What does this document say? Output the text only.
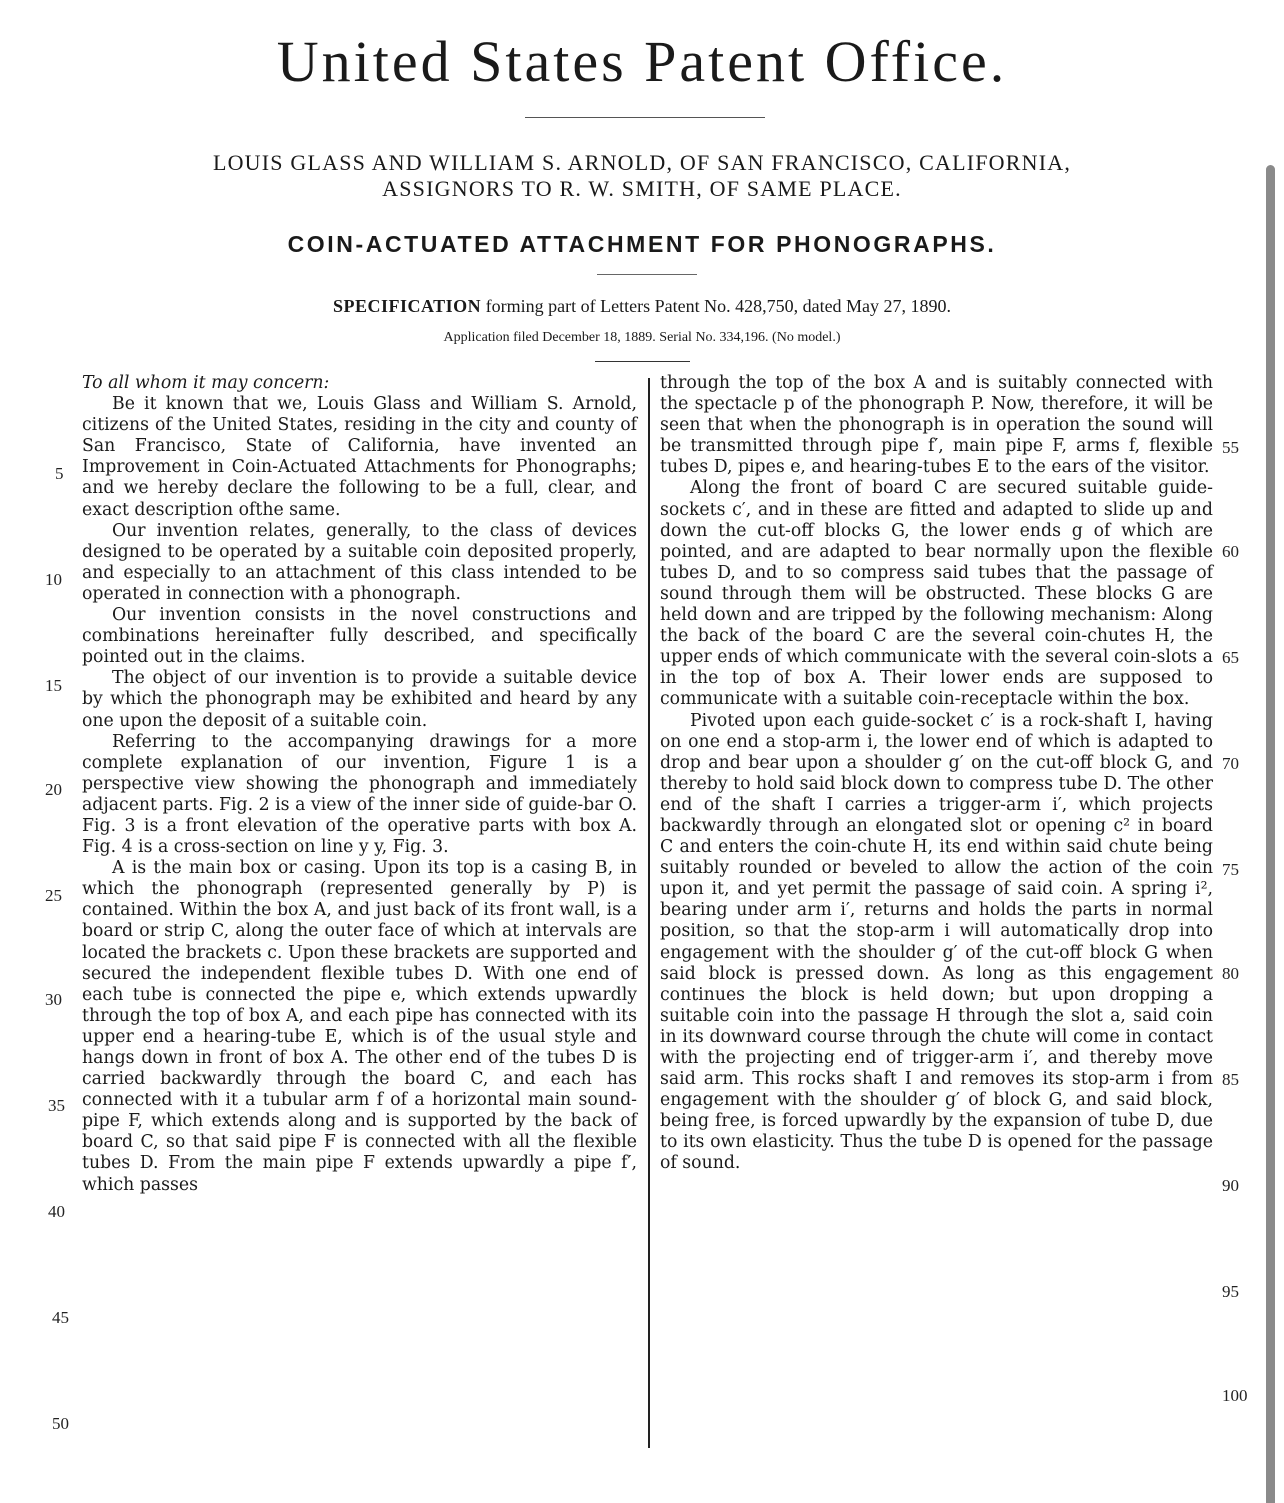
United States Patent Office.
LOUIS GLASS AND WILLIAM S. ARNOLD, OF SAN FRANCISCO, CALIFORNIA,
ASSIGNORS TO R. W. SMITH, OF SAME PLACE.
COIN-ACTUATED ATTACHMENT FOR PHONOGRAPHS.
SPECIFICATION forming part of Letters Patent No. 428,750, dated May 27, 1890.
Application filed December 18, 1889. Serial No. 334,196. (No model.)

To all whom it may concern:

Be it known that we, Louis Glass and William S. Arnold, citizens of the United States, residing in the city and county of San Francisco, State of California, have invented an Improvement in Coin-Actuated Attachments for Phonographs; and we hereby declare the following to be a full, clear, and exact description ofthe same.

Our invention relates, generally, to the class of devices designed to be operated by a suitable coin deposited properly, and especially to an attachment of this class intended to be operated in connection with a phonograph.

Our invention consists in the novel constructions and combinations hereinafter fully described, and specifically pointed out in the claims.

The object of our invention is to provide a suitable device by which the phonograph may be exhibited and heard by any one upon the deposit of a suitable coin.

Referring to the accompanying drawings for a more complete explanation of our invention, Figure 1 is a perspective view showing the phonograph and immediately adjacent parts. Fig. 2 is a view of the inner side of guide-bar O. Fig. 3 is a front elevation of the operative parts with box A. Fig. 4 is a cross-section on line y y, Fig. 3.

A is the main box or casing. Upon its top is a casing B, in which the phonograph (represented generally by P) is contained. Within the box A, and just back of its front wall, is a board or strip C, along the outer face of which at intervals are located the brackets c. Upon these brackets are supported and secured the independent flexible tubes D. With one end of each tube is connected the pipe e, which extends upwardly through the top of box A, and each pipe has connected with its upper end a hearing-tube E, which is of the usual style and hangs down in front of box A. The other end of the tubes D is carried backwardly through the board C, and each has connected with it a tubular arm f of a horizontal main sound-pipe F, which extends along and is supported by the back of board C, so that said pipe F is connected with all the flexible tubes D. From the main pipe F extends upwardly a pipe f′, which passes

through the top of the box A and is suitably connected with the spectacle p of the phonograph P. Now, therefore, it will be seen that when the phonograph is in operation the sound will be transmitted through pipe f′, main pipe F, arms f, flexible tubes D, pipes e, and hearing-tubes E to the ears of the visitor.

Along the front of board C are secured suitable guide-sockets c′, and in these are fitted and adapted to slide up and down the cut-off blocks G, the lower ends g of which are pointed, and are adapted to bear normally upon the flexible tubes D, and to so compress said tubes that the passage of sound through them will be obstructed. These blocks G are held down and are tripped by the following mechanism: Along the back of the board C are the several coin-chutes H, the upper ends of which communicate with the several coin-slots a in the top of box A. Their lower ends are supposed to communicate with a suitable coin-receptacle within the box.

Pivoted upon each guide-socket c′ is a rock-shaft I, having on one end a stop-arm i, the lower end of which is adapted to drop and bear upon a shoulder g′ on the cut-off block G, and thereby to hold said block down to compress tube D. The other end of the shaft I carries a trigger-arm i′, which projects backwardly through an elongated slot or opening c² in board C and enters the coin-chute H, its end within said chute being suitably rounded or beveled to allow the action of the coin upon it, and yet permit the passage of said coin. A spring i², bearing under arm i′, returns and holds the parts in normal position, so that the stop-arm i will automatically drop into engagement with the shoulder g′ of the cut-off block G when said block is pressed down. As long as this engagement continues the block is held down; but upon dropping a suitable coin into the passage H through the slot a, said coin in its downward course through the chute will come in contact with the projecting end of trigger-arm i′, and thereby move said arm. This rocks shaft I and removes its stop-arm i from engagement with the shoulder g′ of block G, and said block, being free, is forced upwardly by the expansion of tube D, due to its own elasticity. Thus the tube D is opened for the passage of sound.

5
10
15
20
25
30
35
40
45
50
55
60
65
70
75
80
85
90
95
100
